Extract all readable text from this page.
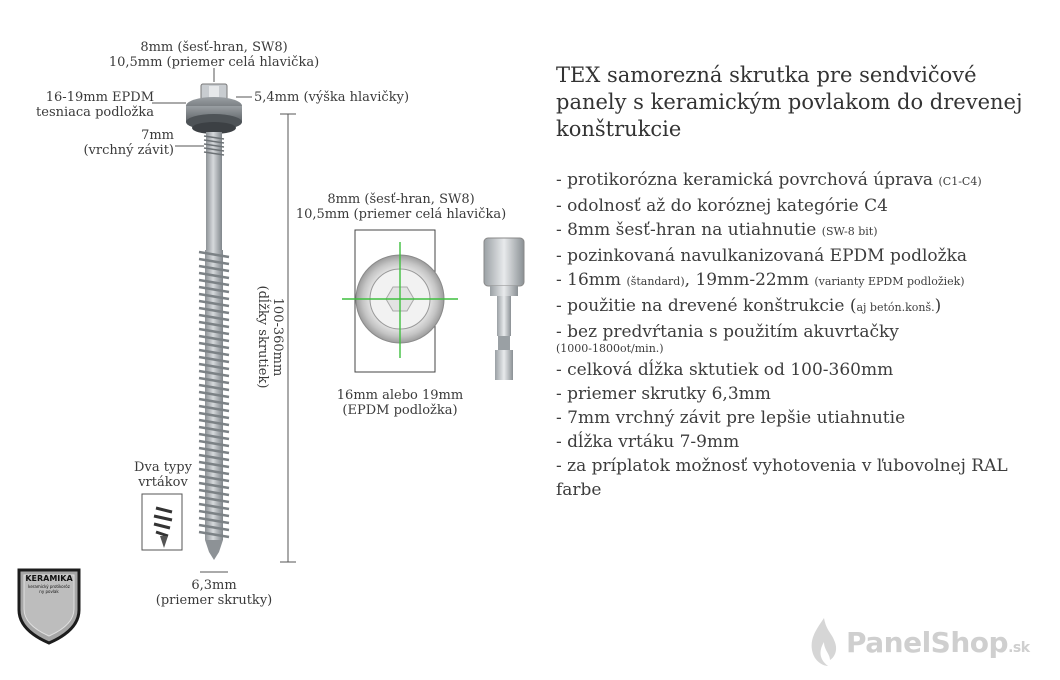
8mm (šesť-hran, SW8)
10,5mm (priemer celá hlavička)
16-19mm EPDM
tesniaca podložka
5,4mm (výška hlavičky)
7mm
(vrchný závit)
100-360mm
(dĺžky skrutiek)
Dva typy
vrtákov
6,3mm
(priemer skrutky)
8mm (šesť-hran, SW8)
10,5mm (priemer celá hlavička)
16mm alebo 19mm
(EPDM podložka)
KERAMIKA
keramický protikoróz
ny povlak
TEX samorezná skrutka pre sendvičové panely s keramickým povlakom do drevenej konštrukcie
- protikorózna keramická povrchová úprava (C1-C4)
- odolnosť až do koróznej kategórie C4
- 8mm šesť-hran na utiahnutie (SW-8 bit)
- pozinkovaná navulkanizovaná EPDM podložka
- 16mm (štandard), 19mm-22mm (varianty EPDM podložiek)
- použitie na drevené konštrukcie (aj betón.konš.)
- bez predvŕtania s použitím akuvrtačky
(1000-1800ot/min.)
- celková dĺžka sktutiek od 100-360mm
- priemer skrutky 6,3mm
- 7mm vrchný závit pre lepšie utiahnutie
- dĺžka vrtáku 7-9mm
- za príplatok možnosť vyhotovenia v ľubovolnej RAL farbe
PanelShop.sk
